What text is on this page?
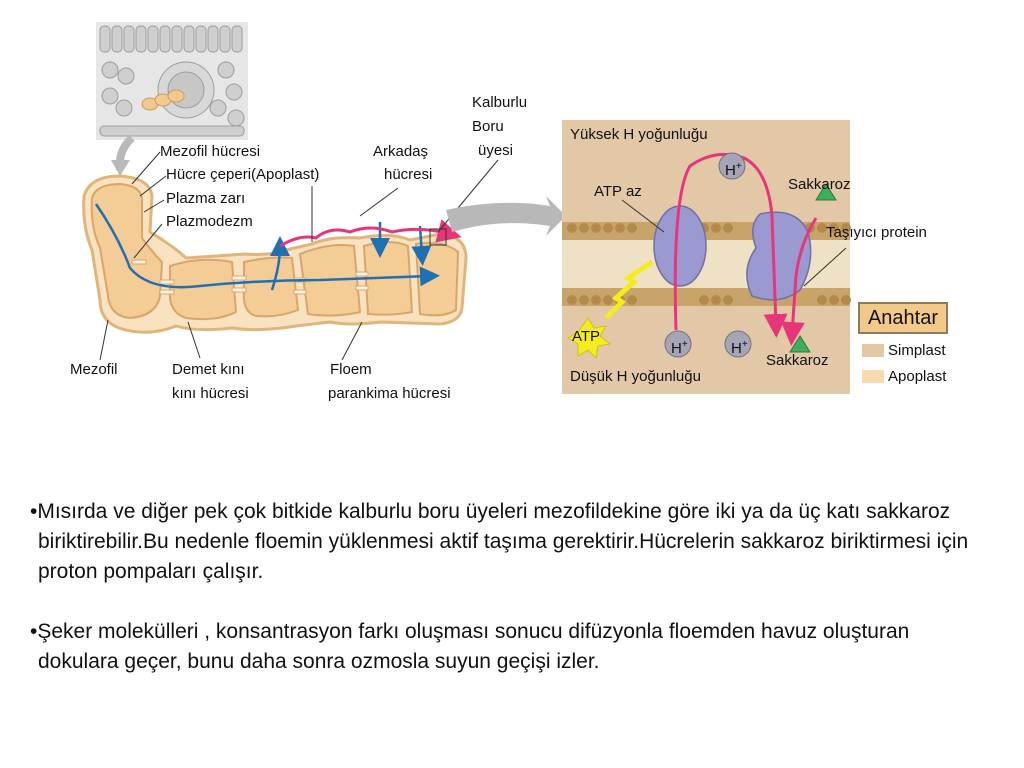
Mezofil hücresi
Hücre çeperi(Apoplast)
Plazma zarı
Plazmodezm
Arkadaş
hücresi
Kalburlu
Boru
üyesi
Mezofil	Demet kını
kını hücresi
Floem
parankima hücresi
Yüksek H yoğunluğu
Düşük H yoğunluğu
ATP az
ATP
H+
H+	H+
Sakkaroz
Sakkaroz
Taşıyıcı protein
Anahtar
Simplast
Apoplast

•Mısırda ve diğer pek çok bitkide kalburlu boru üyeleri mezofildekine göre iki ya da üç katı sakkaroz biriktirebilir.Bu nedenle floemin yüklenmesi aktif taşıma gerektirir.Hücrelerin sakkaroz biriktirmesi için proton pompaları çalışır.

•Şeker molekülleri , konsantrasyon farkı oluşması sonucu difüzyonla floemden havuz oluşturan dokulara geçer, bunu daha sonra ozmosla suyun geçişi izler.
